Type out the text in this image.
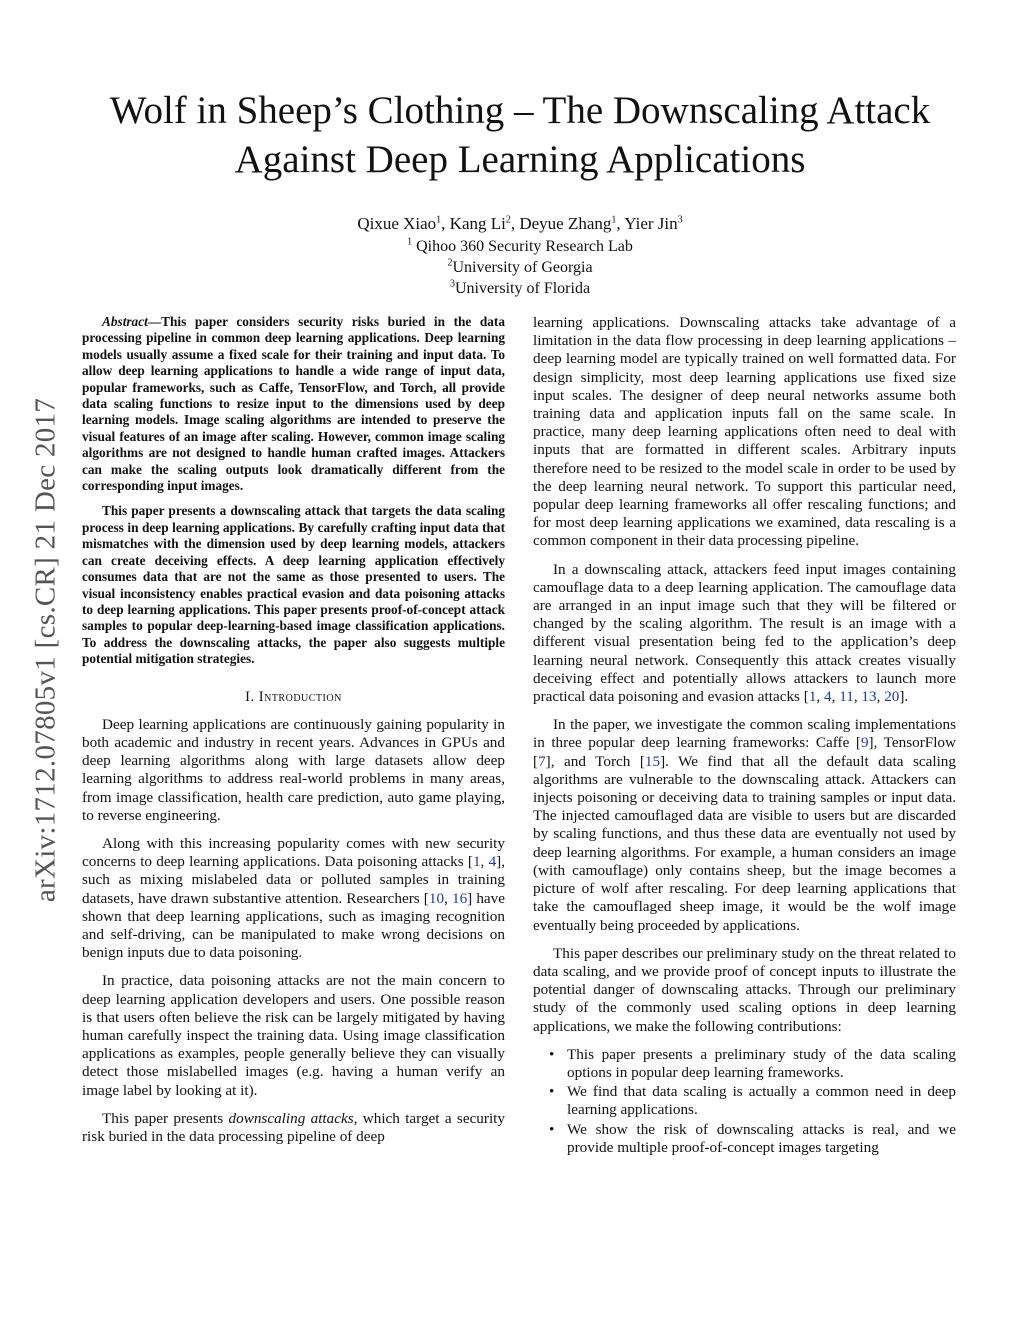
arXiv:1712.07805v1 [cs.CR] 21 Dec 2017
Wolf in Sheep’s Clothing – The Downscaling Attack
Against Deep Learning Applications
Qixue Xiao$^1$, Kang Li$^2$, Deyue Zhang$^1$, Yier Jin$^3$
$^1$ Qihoo 360 Security Research Lab
$^2$University of Georgia
$^3$University of Florida

Abstract—This paper considers security risks buried in the data processing pipeline in common deep learning applications. Deep learning models usually assume a fixed scale for their training and input data. To allow deep learning applications to handle a wide range of input data, popular frameworks, such as Caffe, TensorFlow, and Torch, all provide data scaling functions to resize input to the dimensions used by deep learning models. Image scaling algorithms are intended to preserve the visual features of an image after scaling. However, common image scaling algorithms are not designed to handle human crafted images. Attackers can make the scaling outputs look dramatically different from the corresponding input images.

This paper presents a downscaling attack that targets the data scaling process in deep learning applications. By carefully crafting input data that mismatches with the dimension used by deep learning models, attackers can create deceiving effects. A deep learning application effectively consumes data that are not the same as those presented to users. The visual inconsistency enables practical evasion and data poisoning attacks to deep learning applications. This paper presents proof-of-concept attack samples to popular deep-learning-based image classification applications. To address the downscaling attacks, the paper also suggests multiple potential mitigation strategies.

I. Introduction

Deep learning applications are continuously gaining popularity in both academic and industry in recent years. Advances in GPUs and deep learning algorithms along with large datasets allow deep learning algorithms to address real-world problems in many areas, from image classification, health care prediction, auto game playing, to reverse engineering.

Along with this increasing popularity comes with new security concerns to deep learning applications. Data poisoning attacks [1, 4], such as mixing mislabeled data or polluted samples in training datasets, have drawn substantive attention. Researchers [10, 16] have shown that deep learning applications, such as imaging recognition and self-driving, can be manipulated to make wrong decisions on benign inputs due to data poisoning.

In practice, data poisoning attacks are not the main concern to deep learning application developers and users. One possible reason is that users often believe the risk can be largely mitigated by having human carefully inspect the training data. Using image classification applications as examples, people generally believe they can visually detect those mislabelled images (e.g. having a human verify an image label by looking at it).

This paper presents downscaling attacks, which target a security risk buried in the data processing pipeline of deep

learning applications. Downscaling attacks take advantage of a limitation in the data flow processing in deep learning applications – deep learning model are typically trained on well formatted data. For design simplicity, most deep learning applications use fixed size input scales. The designer of deep neural networks assume both training data and application inputs fall on the same scale. In practice, many deep learning applications often need to deal with inputs that are formatted in different scales. Arbitrary inputs therefore need to be resized to the model scale in order to be used by the deep learning neural network. To support this particular need, popular deep learning frameworks all offer rescaling functions; and for most deep learning applications we examined, data rescaling is a common component in their data processing pipeline.

In a downscaling attack, attackers feed input images containing camouflage data to a deep learning application. The camouflage data are arranged in an input image such that they will be filtered or changed by the scaling algorithm. The result is an image with a different visual presentation being fed to the application’s deep learning neural network. Consequently this attack creates visually deceiving effect and potentially allows attackers to launch more practical data poisoning and evasion attacks [1, 4, 11, 13, 20].

In the paper, we investigate the common scaling implementations in three popular deep learning frameworks: Caffe [9], TensorFlow [7], and Torch [15]. We find that all the default data scaling algorithms are vulnerable to the downscaling attack. Attackers can injects poisoning or deceiving data to training samples or input data. The injected camouflaged data are visible to users but are discarded by scaling functions, and thus these data are eventually not used by deep learning algorithms. For example, a human considers an image (with camouflage) only contains sheep, but the image becomes a picture of wolf after rescaling. For deep learning applications that take the camouflaged sheep image, it would be the wolf image eventually being proceeded by applications.

This paper describes our preliminary study on the threat related to data scaling, and we provide proof of concept inputs to illustrate the potential danger of downscaling attacks. Through our preliminary study of the commonly used scaling options in deep learning applications, we make the following contributions:

• This paper presents a preliminary study of the data scaling options in popular deep learning frameworks.
• We find that data scaling is actually a common need in deep learning applications.
• We show the risk of downscaling attacks is real, and we provide multiple proof-of-concept images targeting
